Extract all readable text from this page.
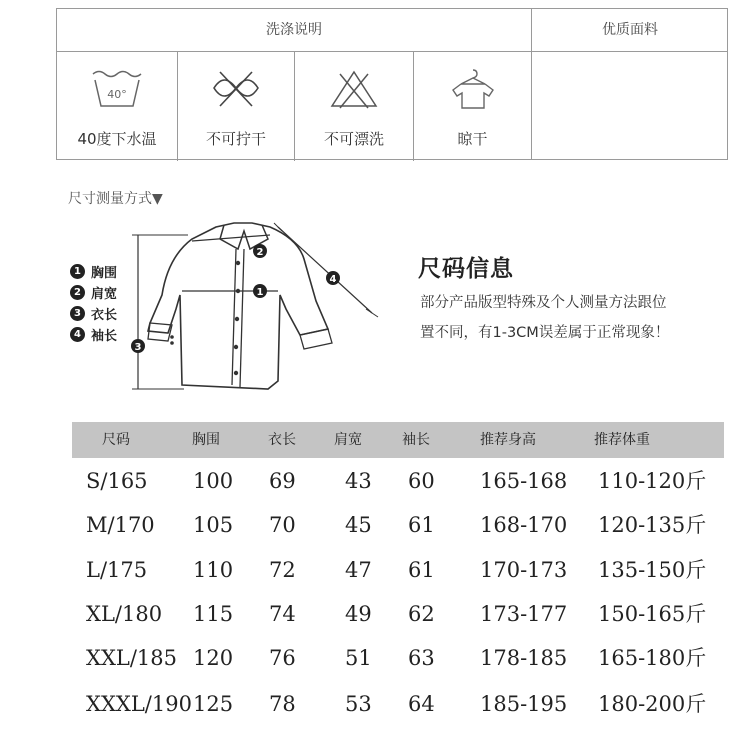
洗涤说明	优质面料
40°
40度下水温	不可拧干	不可漂洗	晾干
尺寸测量方式▼
1 胸围
2 肩宽
3 衣长
4 袖长
1
2
3
4	尺码信息
部分产品版型特殊及个人测量方法跟位
置不同，有1-3CM误差属于正常现象！
尺码	胸围	衣长	肩宽	袖长	推荐身高	推荐体重
S/165 100 69 43 60 165-168 110-120斤
M/170 105 70 45 61 168-170 120-135斤
L/175 110 72 47 61 170-173 135-150斤
XL/180 115 74 49 62 173-177 150-165斤
XXL/185 120 76 51 63 178-185 165-180斤
XXXL/190 125 78 53 64 185-195 180-200斤
